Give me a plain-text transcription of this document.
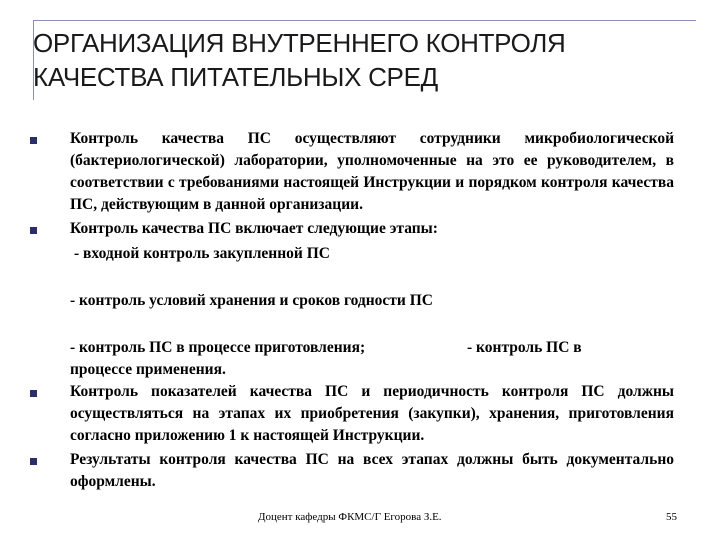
ОРГАНИЗАЦИЯ ВНУТРЕННЕГО КОНТРОЛЯ
КАЧЕСТВА ПИТАТЕЛЬНЫХ СРЕД
Контроль качества ПС осуществляют сотрудники микробиологической (бактериологической) лаборатории, уполномоченные на это ее руководителем, в соответствии с требованиями настоящей Инструкции и порядком контроля качества ПС, действующим в данной организации.
Контроль качества ПС включает следующие этапы:
- входной контроль закупленной ПС
- контроль условий хранения и сроков годности ПС
- контроль ПС в процессе приготовления;	- контроль ПС в
процессе применения.
Контроль показателей качества ПС и периодичность контроля ПС должны осуществляться на этапах их приобретения (закупки), хранения, приготовления согласно приложению 1 к настоящей Инструкции.
Результаты контроля качества ПС на всех этапах должны быть документально оформлены.
Доцент кафедры ФКМС/Г Егорова З.Е.	55
